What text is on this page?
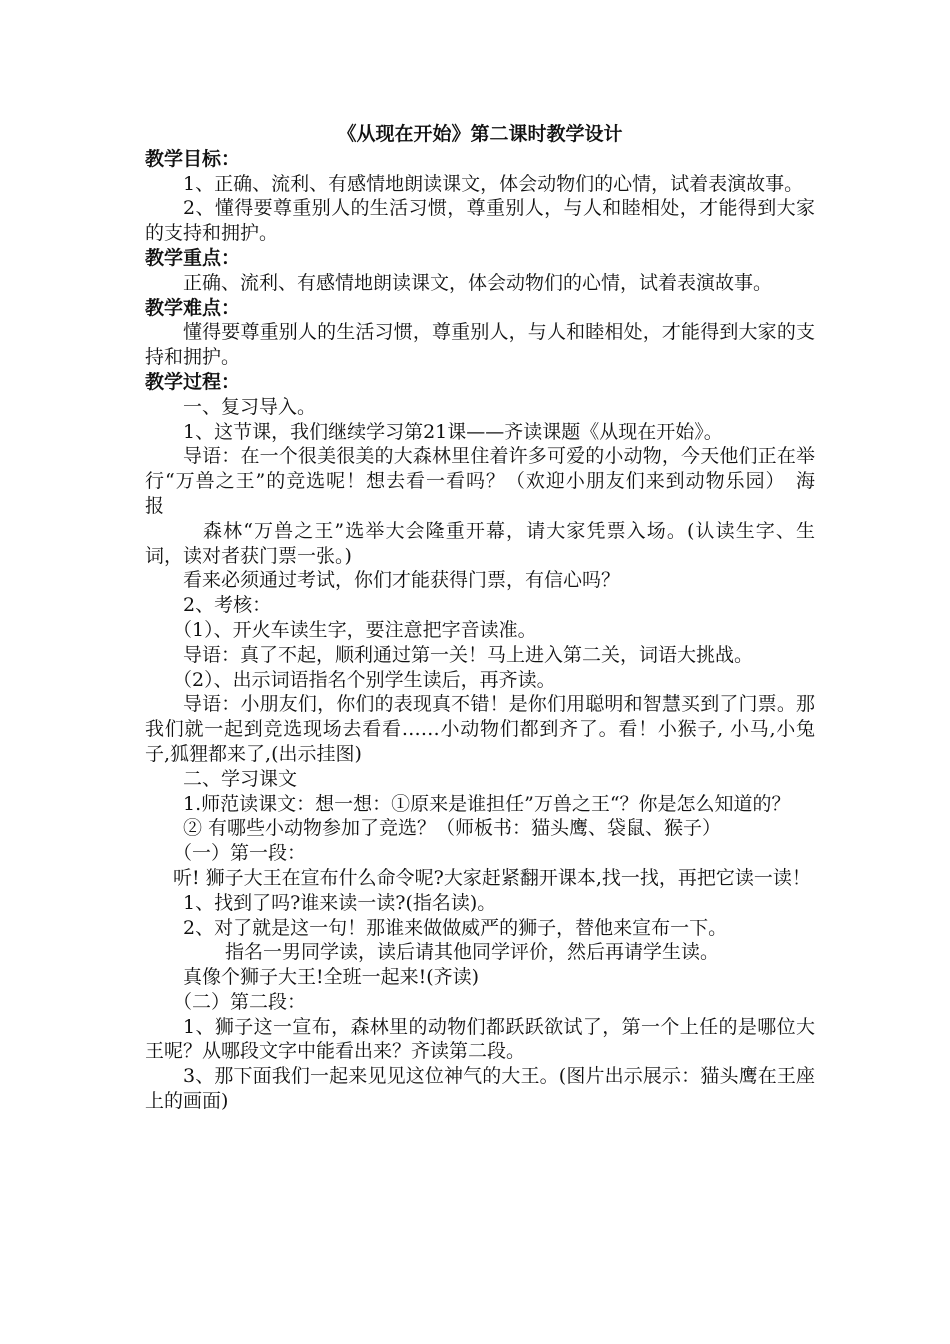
《从现在开始》第二课时教学设计

教学目标：

1、正确、流利、有感情地朗读课文，体会动物们的心情，试着表演故事。

2、懂得要尊重别人的生活习惯，尊重别人，与人和睦相处，才能得到大家的支持和拥护。

教学重点：

正确、流利、有感情地朗读课文，体会动物们的心情，试着表演故事。

教学难点：

懂得要尊重别人的生活习惯，尊重别人，与人和睦相处，才能得到大家的支持和拥护。

教学过程：

一、复习导入。

1、这节课，我们继续学习第21课——齐读课题《从现在开始》。

导语：在一个很美很美的大森林里住着许多可爱的小动物，今天他们正在举行“万兽之王”的竞选呢！想去看一看吗？（欢迎小朋友们来到动物乐园）　海　报

森林“万兽之王”选举大会隆重开幕，请大家凭票入场。(认读生字、生词，读对者获门票一张。)

看来必须通过考试，你们才能获得门票，有信心吗？

2、考核：

（1）、开火车读生字，要注意把字音读准。

导语：真了不起，顺利通过第一关！马上进入第二关，词语大挑战。

（2）、出示词语指名个别学生读后，再齐读。

导语：小朋友们，你们的表现真不错！是你们用聪明和智慧买到了门票。那我们就一起到竞选现场去看看……小动物们都到齐了。看！小猴子, 小马,小兔子,狐狸都来了,(出示挂图)

二、学习课文

1.师范读课文：想一想：①原来是谁担任”万兽之王“？你是怎么知道的？

② 有哪些小动物参加了竞选？（师板书：猫头鹰、袋鼠、猴子）

（一）第一段：

听! 狮子大王在宣布什么命令呢?大家赶紧翻开课本,找一找，再把它读一读！

1、找到了吗?谁来读一读?(指名读)。

2、对了就是这一句！那谁来做做威严的狮子，替他来宣布一下。

指名一男同学读，读后请其他同学评价，然后再请学生读。

真像个狮子大王!全班一起来!(齐读)

（二）第二段：

1、狮子这一宣布，森林里的动物们都跃跃欲试了，第一个上任的是哪位大王呢？从哪段文字中能看出来？齐读第二段。

3、那下面我们一起来见见这位神气的大王。(图片出示展示：猫头鹰在王座上的画面)
